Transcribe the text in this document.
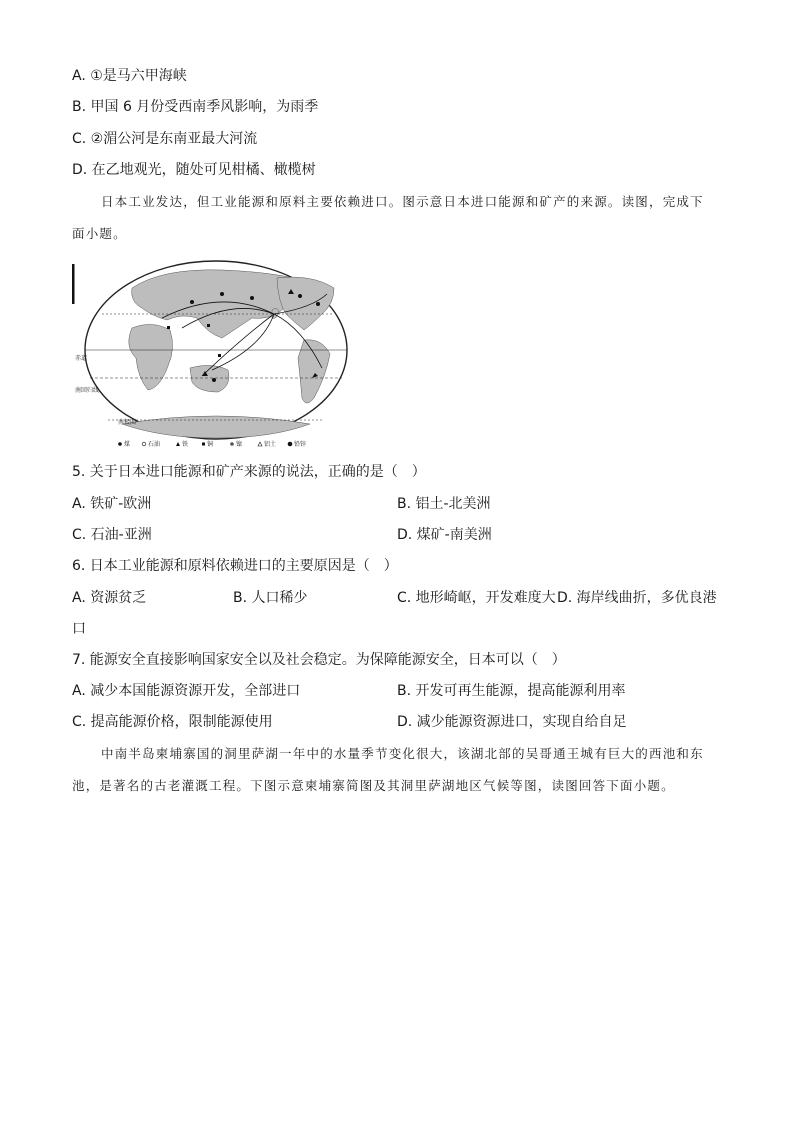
A. ①是马六甲海峡
B. 甲国 6 月份受西南季风影响，为雨季
C. ②湄公河是东南亚最大河流
D. 在乙地观光，随处可见柑橘、橄榄树
日本工业发达，但工业能源和原料主要依赖进口。图示意日本进口能源和矿产的来源。读图，完成下
面小题。
赤道
南回归线
南极圈
煤	石油	铁	铜	镍	铝土	铅锌
5. 关于日本进口能源和矿产来源的说法，正确的是（　）
A. 铁矿-欧洲	B. 铝土-北美洲
C. 石油-亚洲	D. 煤矿-南美洲
6. 日本工业能源和原料依赖进口的主要原因是（　）
A. 资源贫乏	B. 人口稀少	C. 地形崎岖，开发难度大 D. 海岸线曲折，多优良港
口
7. 能源安全直接影响国家安全以及社会稳定。为保障能源安全，日本可以（　）
A. 减少本国能源资源开发，全部进口	B. 开发可再生能源，提高能源利用率
C. 提高能源价格，限制能源使用	D. 减少能源资源进口，实现自给自足
中南半岛柬埔寨国的洞里萨湖一年中的水量季节变化很大，该湖北部的吴哥通王城有巨大的西池和东
池，是著名的古老灌溉工程。下图示意柬埔寨简图及其洞里萨湖地区气候等图，读图回答下面小题。
